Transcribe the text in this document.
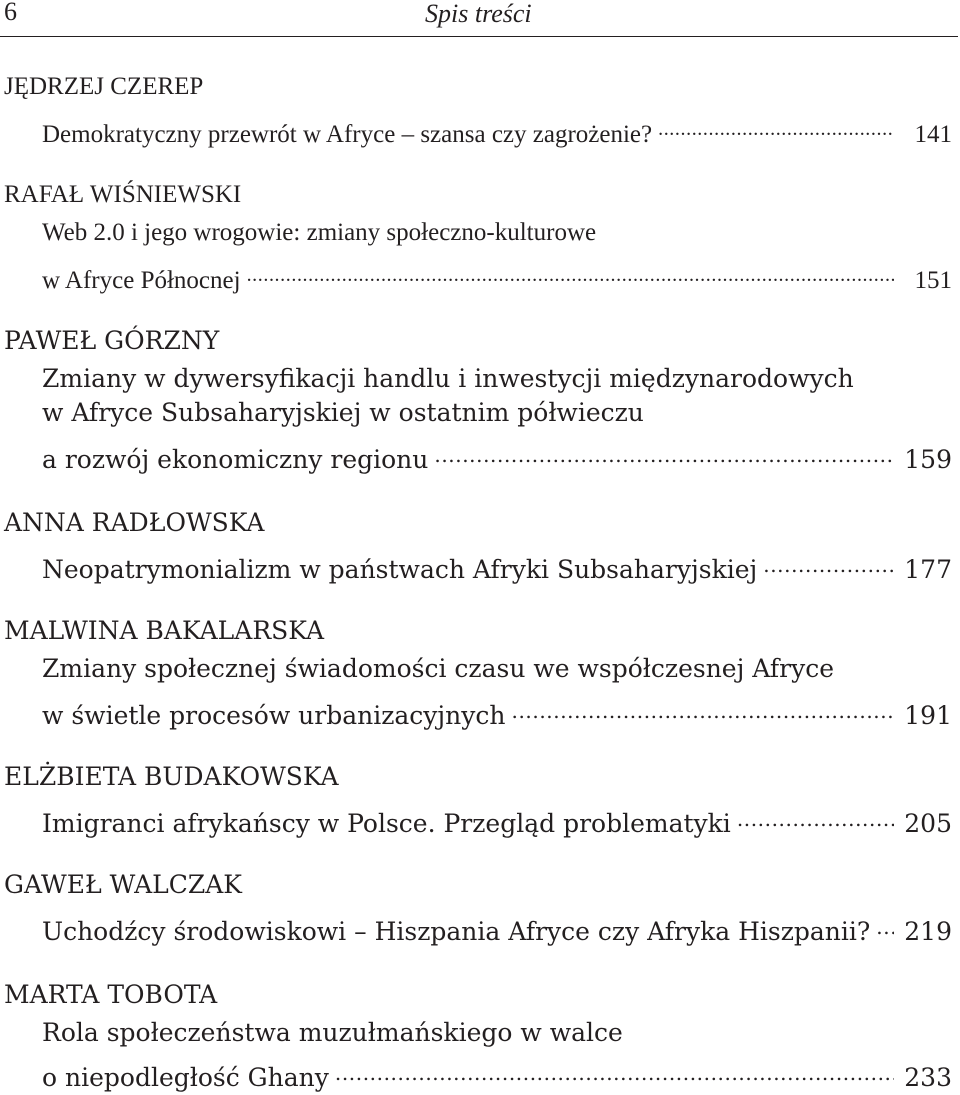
6	Spis treści
JĘDRZEJ CZEREP
Demokratyczny przewrót w Afryce – szansa czy zagrożenie? .....	141
RAFAŁ WIŚNIEWSKI
Web 2.0 i jego wrogowie: zmiany społeczno-kulturowe
w Afryce Północnej .....	151
PAWEŁ GÓRZNY
Zmiany w dywersyfikacji handlu i inwestycji międzynarodowych
w Afryce Subsaharyjskiej w ostatnim półwieczu
a rozwój ekonomiczny regionu .....	159
ANNA RADŁOWSKA
Neopatrymonializm w państwach Afryki Subsaharyjskiej .....	177
MALWINA BAKALARSKA
Zmiany społecznej świadomości czasu we współczesnej Afryce
w świetle procesów urbanizacyjnych .....	191
ELŻBIETA BUDAKOWSKA
Imigranci afrykańscy w Polsce. Przegląd problematyki .....	205
GAWEŁ WALCZAK
Uchodźcy środowiskowi – Hiszpania Afryce czy Afryka Hiszpanii? ..... 219
MARTA TOBOTA
Rola społeczeństwa muzułmańskiego w walce
o niepodległość Ghany .....	233
